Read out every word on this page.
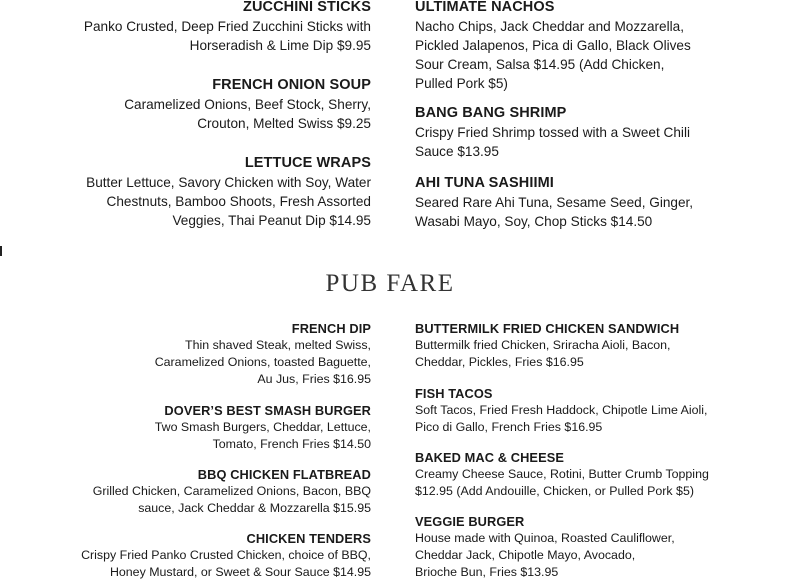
ZUCCHINI STICKS
Panko Crusted, Deep Fried Zucchini Sticks with
Horseradish & Lime Dip $9.95
FRENCH ONION SOUP
Caramelized Onions, Beef Stock, Sherry,
Crouton, Melted Swiss $9.25
LETTUCE WRAPS
Butter Lettuce, Savory Chicken with Soy, Water
Chestnuts, Bamboo Shoots, Fresh Assorted
Veggies, Thai Peanut Dip $14.95
ULTIMATE NACHOS
Nacho Chips, Jack Cheddar and Mozzarella,
Pickled Jalapenos, Pica di Gallo, Black Olives
Sour Cream, Salsa $14.95 (Add Chicken,
Pulled Pork $5)
BANG BANG SHRIMP
Crispy Fried Shrimp tossed with a Sweet Chili
Sauce $13.95
AHI TUNA SASHIIMI
Seared Rare Ahi Tuna, Sesame Seed, Ginger,
Wasabi Mayo, Soy, Chop Sticks $14.50
PUB FARE
FRENCH DIP
Thin shaved Steak, melted Swiss,
Caramelized Onions, toasted Baguette,
Au Jus, Fries $16.95
DOVER’S BEST SMASH BURGER
Two Smash Burgers, Cheddar, Lettuce,
Tomato, French Fries $14.50
BBQ CHICKEN FLATBREAD
Grilled Chicken, Caramelized Onions, Bacon, BBQ
sauce, Jack Cheddar & Mozzarella $15.95
CHICKEN TENDERS
Crispy Fried Panko Crusted Chicken, choice of BBQ,
Honey Mustard, or Sweet & Sour Sauce $14.95
BUTTERMILK FRIED CHICKEN SANDWICH
Buttermilk fried Chicken, Sriracha Aioli, Bacon,
Cheddar, Pickles, Fries $16.95
FISH TACOS
Soft Tacos, Fried Fresh Haddock, Chipotle Lime Aioli,
Pico di Gallo, French Fries $16.95
BAKED MAC & CHEESE
Creamy Cheese Sauce, Rotini, Butter Crumb Topping
$12.95 (Add Andouille, Chicken, or Pulled Pork $5)
VEGGIE BURGER
House made with Quinoa, Roasted Cauliflower,
Cheddar Jack, Chipotle Mayo, Avocado,
Brioche Bun, Fries $13.95
